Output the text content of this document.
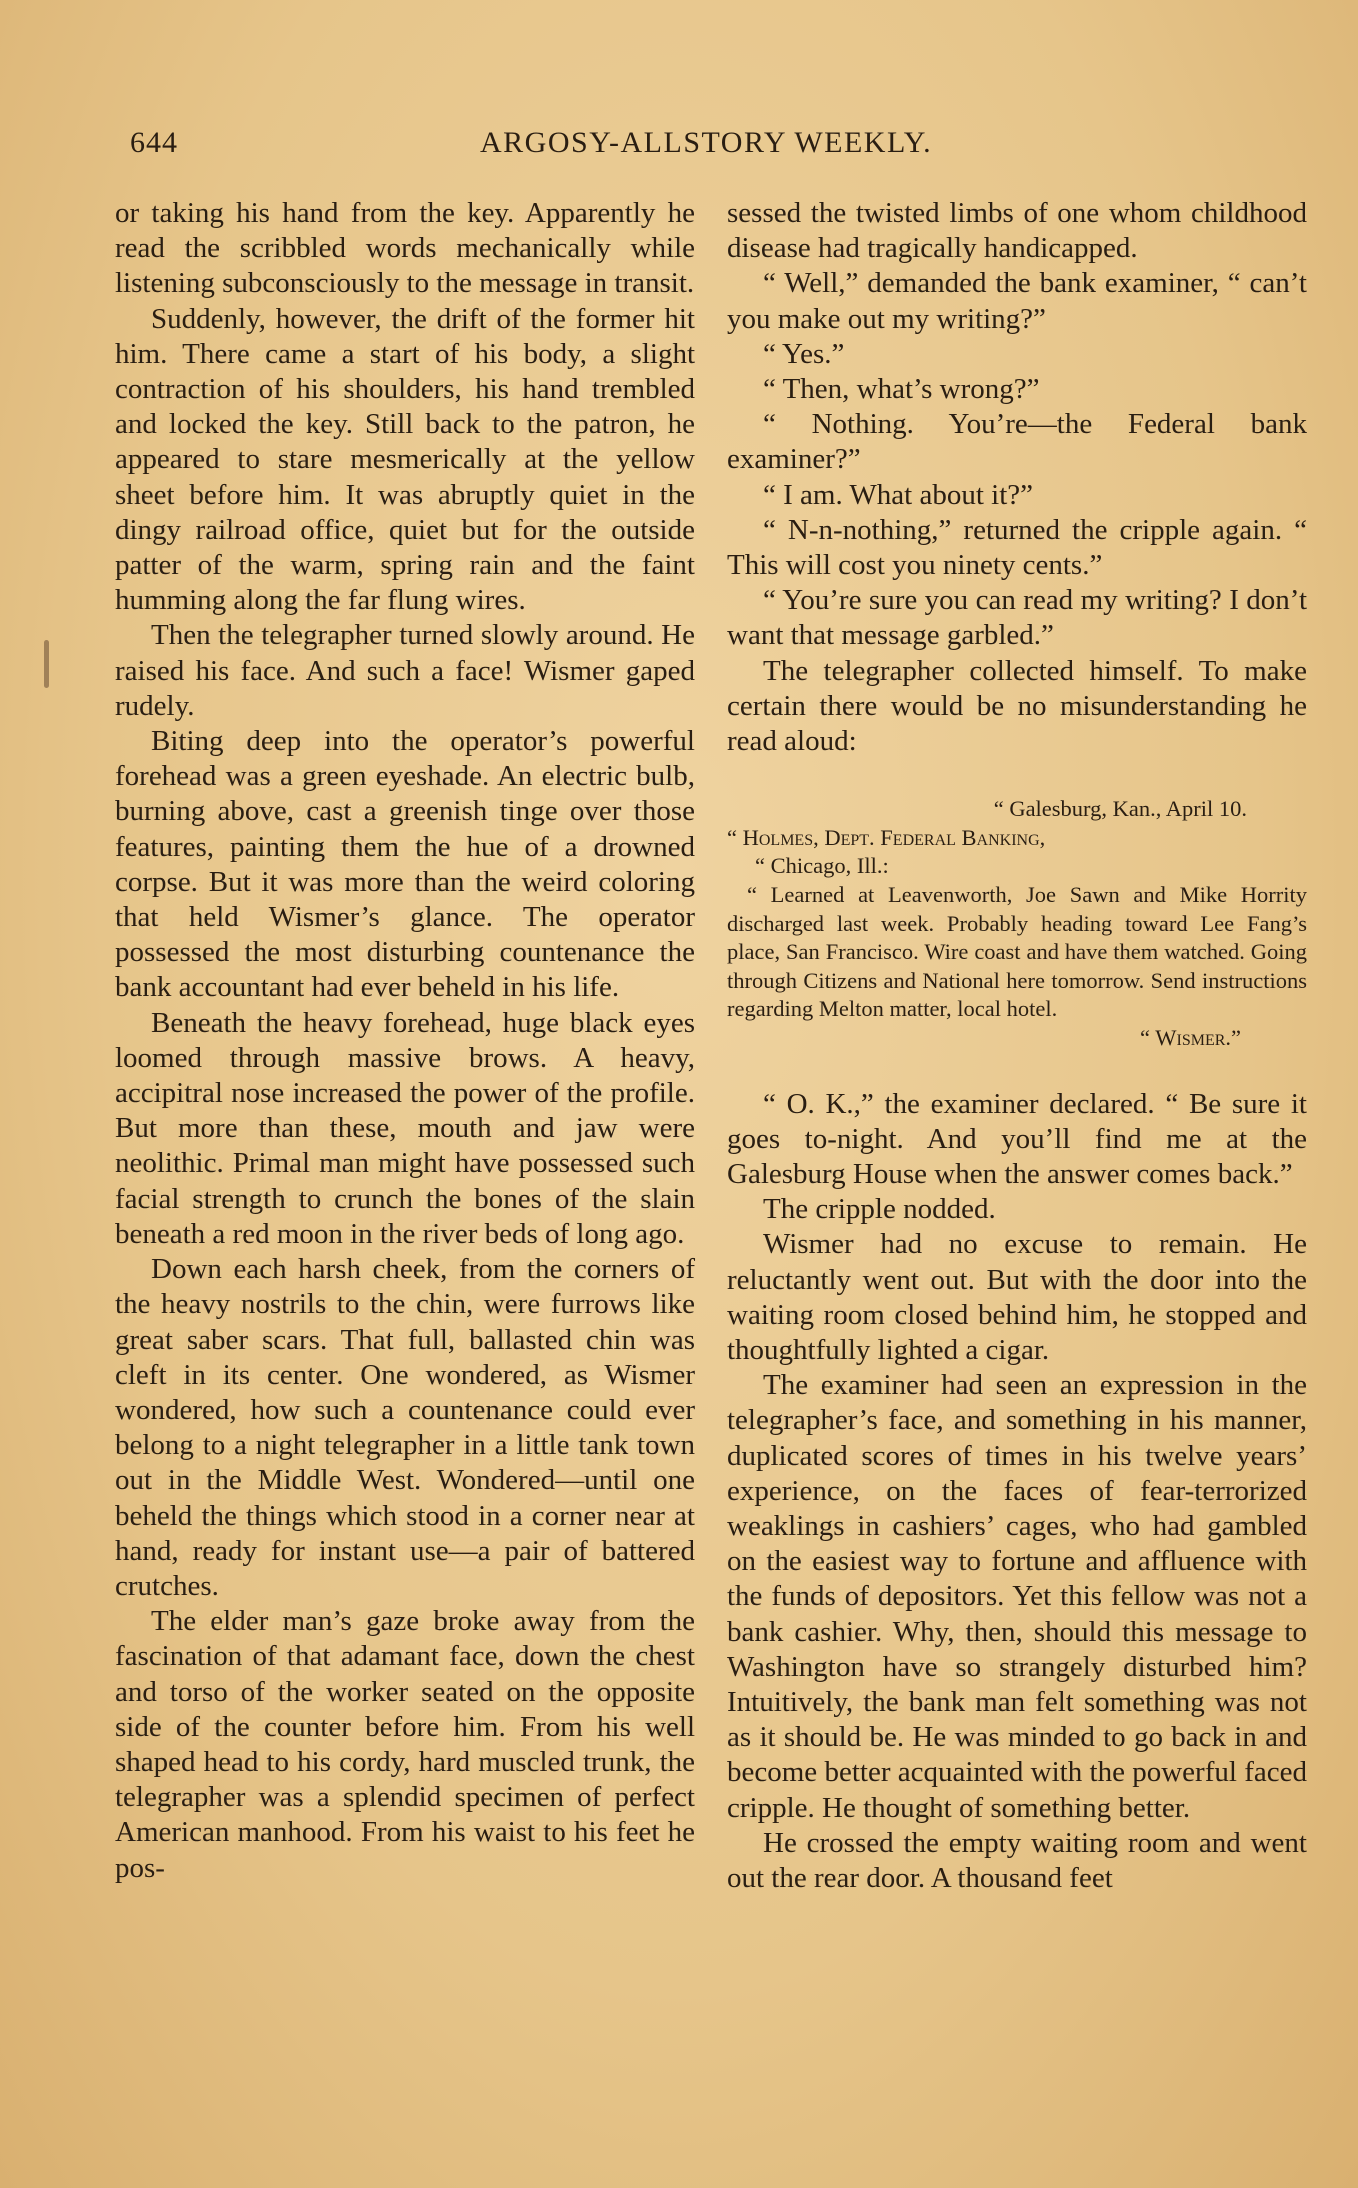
644	ARGOSY-ALLSTORY WEEKLY.

or taking his hand from the key. Apparently he read the scribbled words mechanically while listening subconsciously to the message in transit.

Suddenly, however, the drift of the former hit him. There came a start of his body, a slight contraction of his shoulders, his hand trembled and locked the key. Still back to the patron, he appeared to stare mesmerically at the yellow sheet before him. It was abruptly quiet in the dingy railroad office, quiet but for the outside patter of the warm, spring rain and the faint humming along the far flung wires.

Then the telegrapher turned slowly around. He raised his face. And such a face! Wismer gaped rudely.

Biting deep into the operator’s powerful forehead was a green eyeshade. An electric bulb, burning above, cast a greenish tinge over those features, painting them the hue of a drowned corpse. But it was more than the weird coloring that held Wismer’s glance. The operator possessed the most disturbing countenance the bank accountant had ever beheld in his life.

Beneath the heavy forehead, huge black eyes loomed through massive brows. A heavy, accipitral nose increased the power of the profile. But more than these, mouth and jaw were neolithic. Primal man might have possessed such facial strength to crunch the bones of the slain beneath a red moon in the river beds of long ago.

Down each harsh cheek, from the corners of the heavy nostrils to the chin, were furrows like great saber scars. That full, ballasted chin was cleft in its center. One wondered, as Wismer wondered, how such a countenance could ever belong to a night telegrapher in a little tank town out in the Middle West. Wondered—until one beheld the things which stood in a corner near at hand, ready for instant use—a pair of battered crutches.

The elder man’s gaze broke away from the fascination of that adamant face, down the chest and torso of the worker seated on the opposite side of the counter before him. From his well shaped head to his cordy, hard muscled trunk, the telegrapher was a splendid specimen of perfect American manhood. From his waist to his feet he pos-

sessed the twisted limbs of one whom childhood disease had tragically handicapped.

“ Well,” demanded the bank examiner, “ can’t you make out my writing?”

“ Yes.”

“ Then, what’s wrong?”

“ Nothing. You’re—the Federal bank examiner?”

“ I am. What about it?”

“ N-n-nothing,” returned the cripple again. “ This will cost you ninety cents.”

“ You’re sure you can read my writing? I don’t want that message garbled.”

The telegrapher collected himself. To make certain there would be no misunderstanding he read aloud:

“ Galesburg, Kan., April 10.
“ Holmes, Dept. Federal Banking,
“ Chicago, Ill.:
“ Learned at Leavenworth, Joe Sawn and Mike Horrity discharged last week. Probably heading toward Lee Fang’s place, San Francisco. Wire coast and have them watched. Going through Citizens and National here tomorrow. Send instructions regarding Melton matter, local hotel.
“ Wismer.”

“ O. K.,” the examiner declared. “ Be sure it goes to-night. And you’ll find me at the Galesburg House when the answer comes back.”

The cripple nodded.

Wismer had no excuse to remain. He reluctantly went out. But with the door into the waiting room closed behind him, he stopped and thoughtfully lighted a cigar.

The examiner had seen an expression in the telegrapher’s face, and something in his manner, duplicated scores of times in his twelve years’ experience, on the faces of fear-terrorized weaklings in cashiers’ cages, who had gambled on the easiest way to fortune and affluence with the funds of depositors. Yet this fellow was not a bank cashier. Why, then, should this message to Washington have so strangely disturbed him? Intuitively, the bank man felt something was not as it should be. He was minded to go back in and become better acquainted with the powerful faced cripple. He thought of something better.

He crossed the empty waiting room and went out the rear door. A thousand feet
